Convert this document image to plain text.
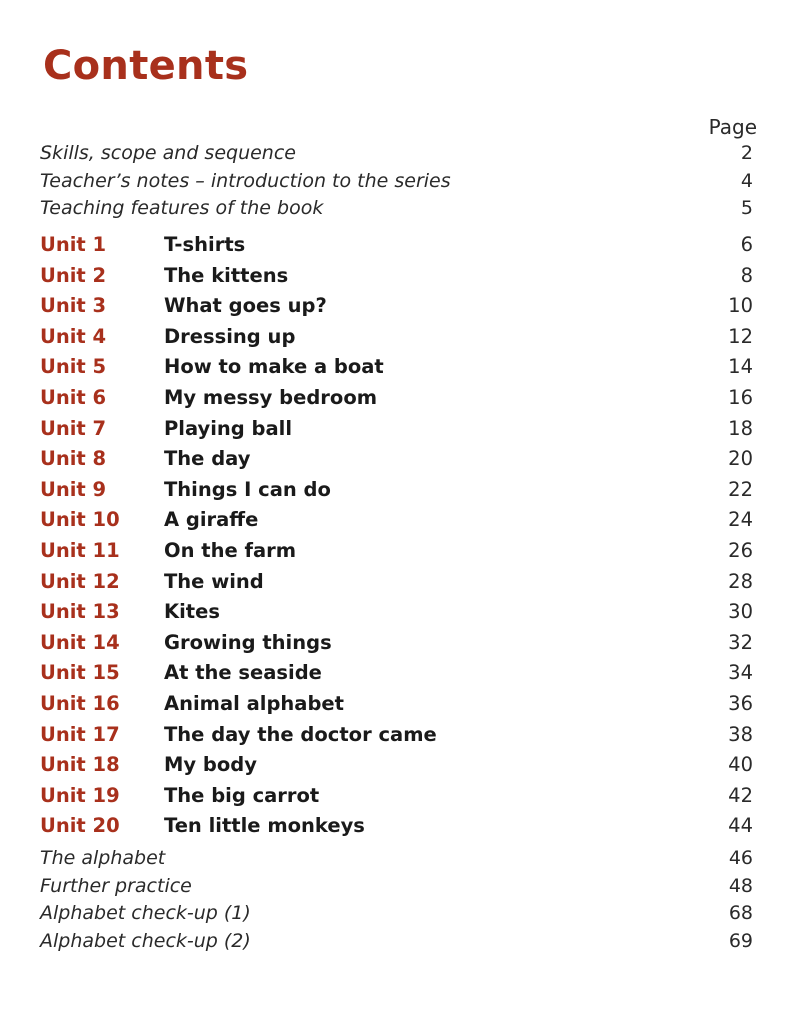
Contents
Page
Skills, scope and sequence	2
Teacher’s notes – introduction to the series	4
Teaching features of the book	5
Unit 1	T-shirts	6
Unit 2	The kittens	8
Unit 3	What goes up?	10
Unit 4	Dressing up	12
Unit 5	How to make a boat	14
Unit 6	My messy bedroom	16
Unit 7	Playing ball	18
Unit 8	The day	20
Unit 9	Things I can do	22
Unit 10	A giraffe	24
Unit 11	On the farm	26
Unit 12	The wind	28
Unit 13	Kites	30
Unit 14	Growing things	32
Unit 15	At the seaside	34
Unit 16	Animal alphabet	36
Unit 17	The day the doctor came	38
Unit 18	My body	40
Unit 19	The big carrot	42
Unit 20	Ten little monkeys	44
The alphabet	46
Further practice	48
Alphabet check-up (1)	68
Alphabet check-up (2)	69
